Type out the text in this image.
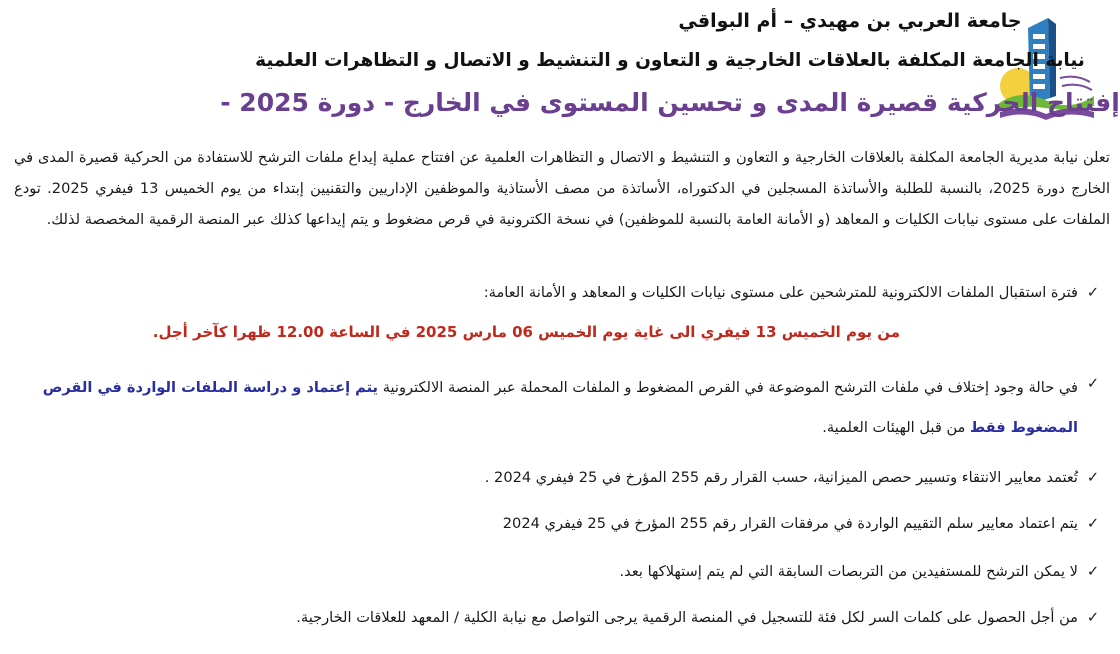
جامعة العربي بن مهيدي – أم البواقي
نيابة الجامعة المكلفة بالعلاقات الخارجية و التعاون و التنشيط و الاتصال و التظاهرات العلمية
إفتتاح الحركية قصيرة المدى و تحسين المستوى في الخارج - دورة 2025 -
تعلن نيابة مديرية الجامعة المكلفة بالعلاقات الخارجية و التعاون و التنشيط و الاتصال و التظاهرات العلمية عن افتتاح عملية إيداع ملفات الترشح للاستفادة من الحركية قصيرة المدى في الخارج دورة 2025، بالنسبة للطلبة والأساتذة المسجلين في الدكتوراه، الأساتذة من مصف الأستاذية والموظفين الإداريين والتقنيين إبتداء من يوم الخميس 13 فيفري 2025. تودع الملفات على مستوى نيابات الكليات و المعاهد (و الأمانة العامة بالنسبة للموظفين) في نسخة الكترونية في قرص مضغوط و يتم إيداعها كذلك عبر المنصة الرقمية المخصصة لذلك.
✓
فترة استقبال الملفات الالكترونية للمترشحين على مستوى نيابات الكليات و المعاهد و الأمانة العامة:
من يوم الخميس 13 فيفري الى غاية يوم الخميس 06 مارس 2025 في الساعة 12.00 ظهرا كآخر أجل.
✓
في حالة وجود إختلاف في ملفات الترشح الموضوعة في القرص المضغوط و الملفات المحملة عبر المنصة الالكترونية يتم إعتماد و دراسة الملفات الواردة في القرص المضغوط فقط من قبل الهيئات العلمية.
✓
تُعتمد معايير الانتقاء وتسيير حصص الميزانية، حسب القرار رقم 255 المؤرخ في 25 فيفري 2024 .
✓
يتم اعتماد معايير سلم التقييم الواردة في مرفقات القرار رقم 255 المؤرخ في 25 فيفري 2024
✓
لا يمكن الترشح للمستفيدين من التربصات السابقة التي لم يتم إستهلاكها بعد.
✓
من أجل الحصول على كلمات السر لكل فئة للتسجيل في المنصة الرقمية يرجى التواصل مع نيابة الكلية / المعهد للعلاقات الخارجية.
